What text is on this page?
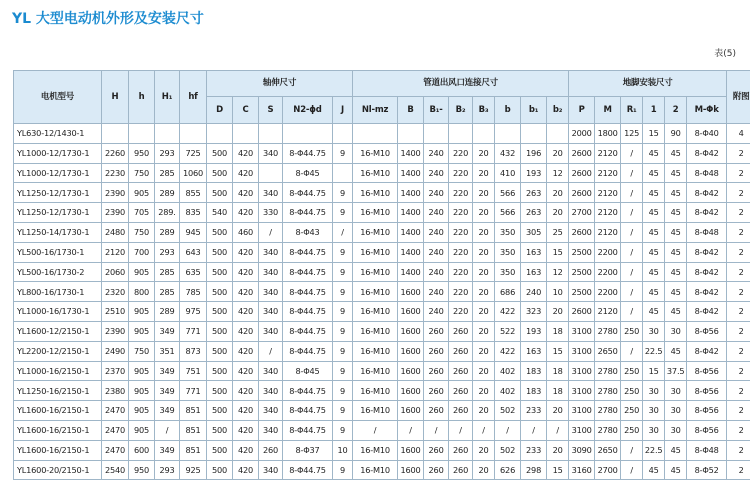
YL 大型电动机外形及安装尺寸
表(5)
电机型号	H	h	H₁	hf	轴伸尺寸					管道出风口连接尺寸								地脚安装尺寸						附图
					D	C	S	N2-ϕd	J	Nl-mz	B	B₁-	B₂	B₃	b	b₁	b₂	P	M	R₁	1	2	M-Φk	
YL630-12/1430-1																		2000	1800	125	15	90	8-Φ40	4
YL1000-12/1730-1	2260	950	293	725	500	420	340	8-Φ44.75	9	16-M10	1400	240	220	20	432	196	20	2600	2120	/	45	45	8-Φ42	2
YL1000-12/1730-1	2230	750	285	1060	500	420		8-Φ45		16-M10	1400	240	220	20	410	193	12	2600	2120	/	45	45	8-Φ48	2
YL1250-12/1730-1	2390	905	289	855	500	420	340	8-Φ44.75	9	16-M10	1400	240	220	20	566	263	20	2600	2120	/	45	45	8-Φ42	2
YL1250-12/1730-1	2390	705	289.	835	540	420	330	8-Φ44.75	9	16-M10	1400	240	220	20	566	263	20	2700	2120	/	45	45	8-Φ42	2
YL1250-14/1730-1	2480	750	289	945	500	460	/	8-Φ43	/	16-M10	1400	240	220	20	350	305	25	2600	2120	/	45	45	8-Φ48	2
YL500-16/1730-1	2120	700	293	643	500	420	340	8-Φ44.75	9	16-M10	1400	240	220	20	350	163	15	2500	2200	/	45	45	8-Φ42	2
YL500-16/1730-2	2060	905	285	635	500	420	340	8-Φ44.75	9	16-M10	1400	240	220	20	350	163	12	2500	2200	/	45	45	8-Φ42	2
YL800-16/1730-1	2320	800	285	785	500	420	340	8-Φ44.75	9	16-M10	1600	240	220	20	686	240	10	2500	2200	/	45	45	8-Φ42	2
YL1000-16/1730-1	2510	905	289	975	500	420	340	8-Φ44.75	9	16-M10	1600	240	220	20	422	323	20	2600	2120	/	45	45	8-Φ42	2
YL1600-12/2150-1	2390	905	349	771	500	420	340	8-Φ44.75	9	16-M10	1600	260	260	20	522	193	18	3100	2780	250	30	30	8-Φ56	2
YL2200-12/2150-1	2490	750	351	873	500	420	/	8-Φ44.75	9	16-M10	1600	260	260	20	422	163	15	3100	2650	/	22.5	45	8-Φ42	2
YL1000-16/2150-1	2370	905	349	751	500	420	340	8-Φ45	9	16-M10	1600	260	260	20	402	183	18	3100	2780	250	15	37.5	8-Φ56	2
YL1250-16/2150-1	2380	905	349	771	500	420	340	8-Φ44.75	9	16-M10	1600	260	260	20	402	183	18	3100	2780	250	30	30	8-Φ56	2
YL1600-16/2150-1	2470	905	349	851	500	420	340	8-Φ44.75	9	16-M10	1600	260	260	20	502	233	20	3100	2780	250	30	30	8-Φ56	2
YL1600-16/2150-1	2470	905	/	851	500	420	340	8-Φ44.75	9	/	/	/	/	/	/	/	/	3100	2780	250	30	30	8-Φ56	2
YL1600-16/2150-1	2470	600	349	851	500	420	260	8-Φ37	10	16-M10	1600	260	260	20	502	233	20	3090	2650	/	22.5	45	8-Φ48	2
YL1600-20/2150-1	2540	950	293	925	500	420	340	8-Φ44.75	9	16-M10	1600	260	260	20	626	298	15	3160	2700	/	45	45	8-Φ52	2
